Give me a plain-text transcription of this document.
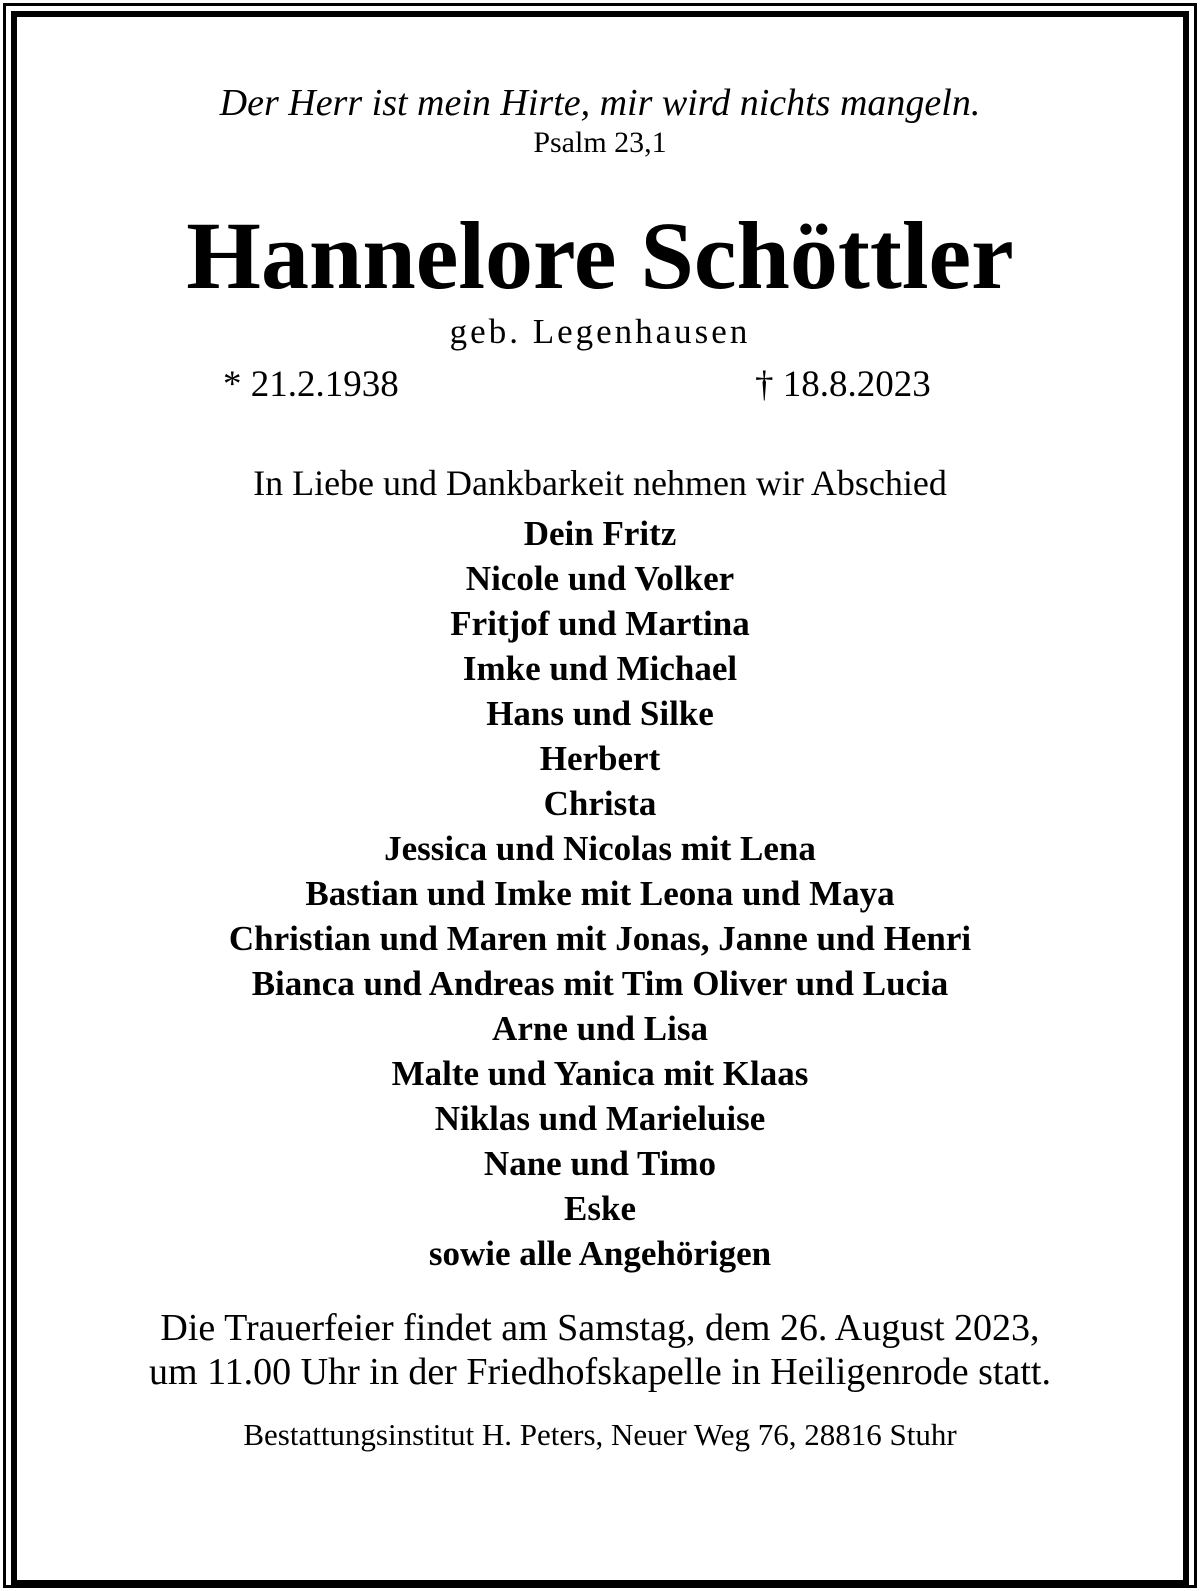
Der Herr ist mein Hirte, mir wird nichts mangeln.
Psalm 23,1
Hannelore Schöttler
geb. Legenhausen
* 21.2.1938	† 18.8.2023
In Liebe und Dankbarkeit nehmen wir Abschied
Dein Fritz
Nicole und Volker
Fritjof und Martina
Imke und Michael
Hans und Silke
Herbert
Christa
Jessica und Nicolas mit Lena
Bastian und Imke mit Leona und Maya
Christian und Maren mit Jonas, Janne und Henri
Bianca und Andreas mit Tim Oliver und Lucia
Arne und Lisa
Malte und Yanica mit Klaas
Niklas und Marieluise
Nane und Timo
Eske
sowie alle Angehörigen
Die Trauerfeier findet am Samstag, dem 26. August 2023,
um 11.00 Uhr in der Friedhofskapelle in Heiligenrode statt.
Bestattungsinstitut H. Peters, Neuer Weg 76, 28816 Stuhr
